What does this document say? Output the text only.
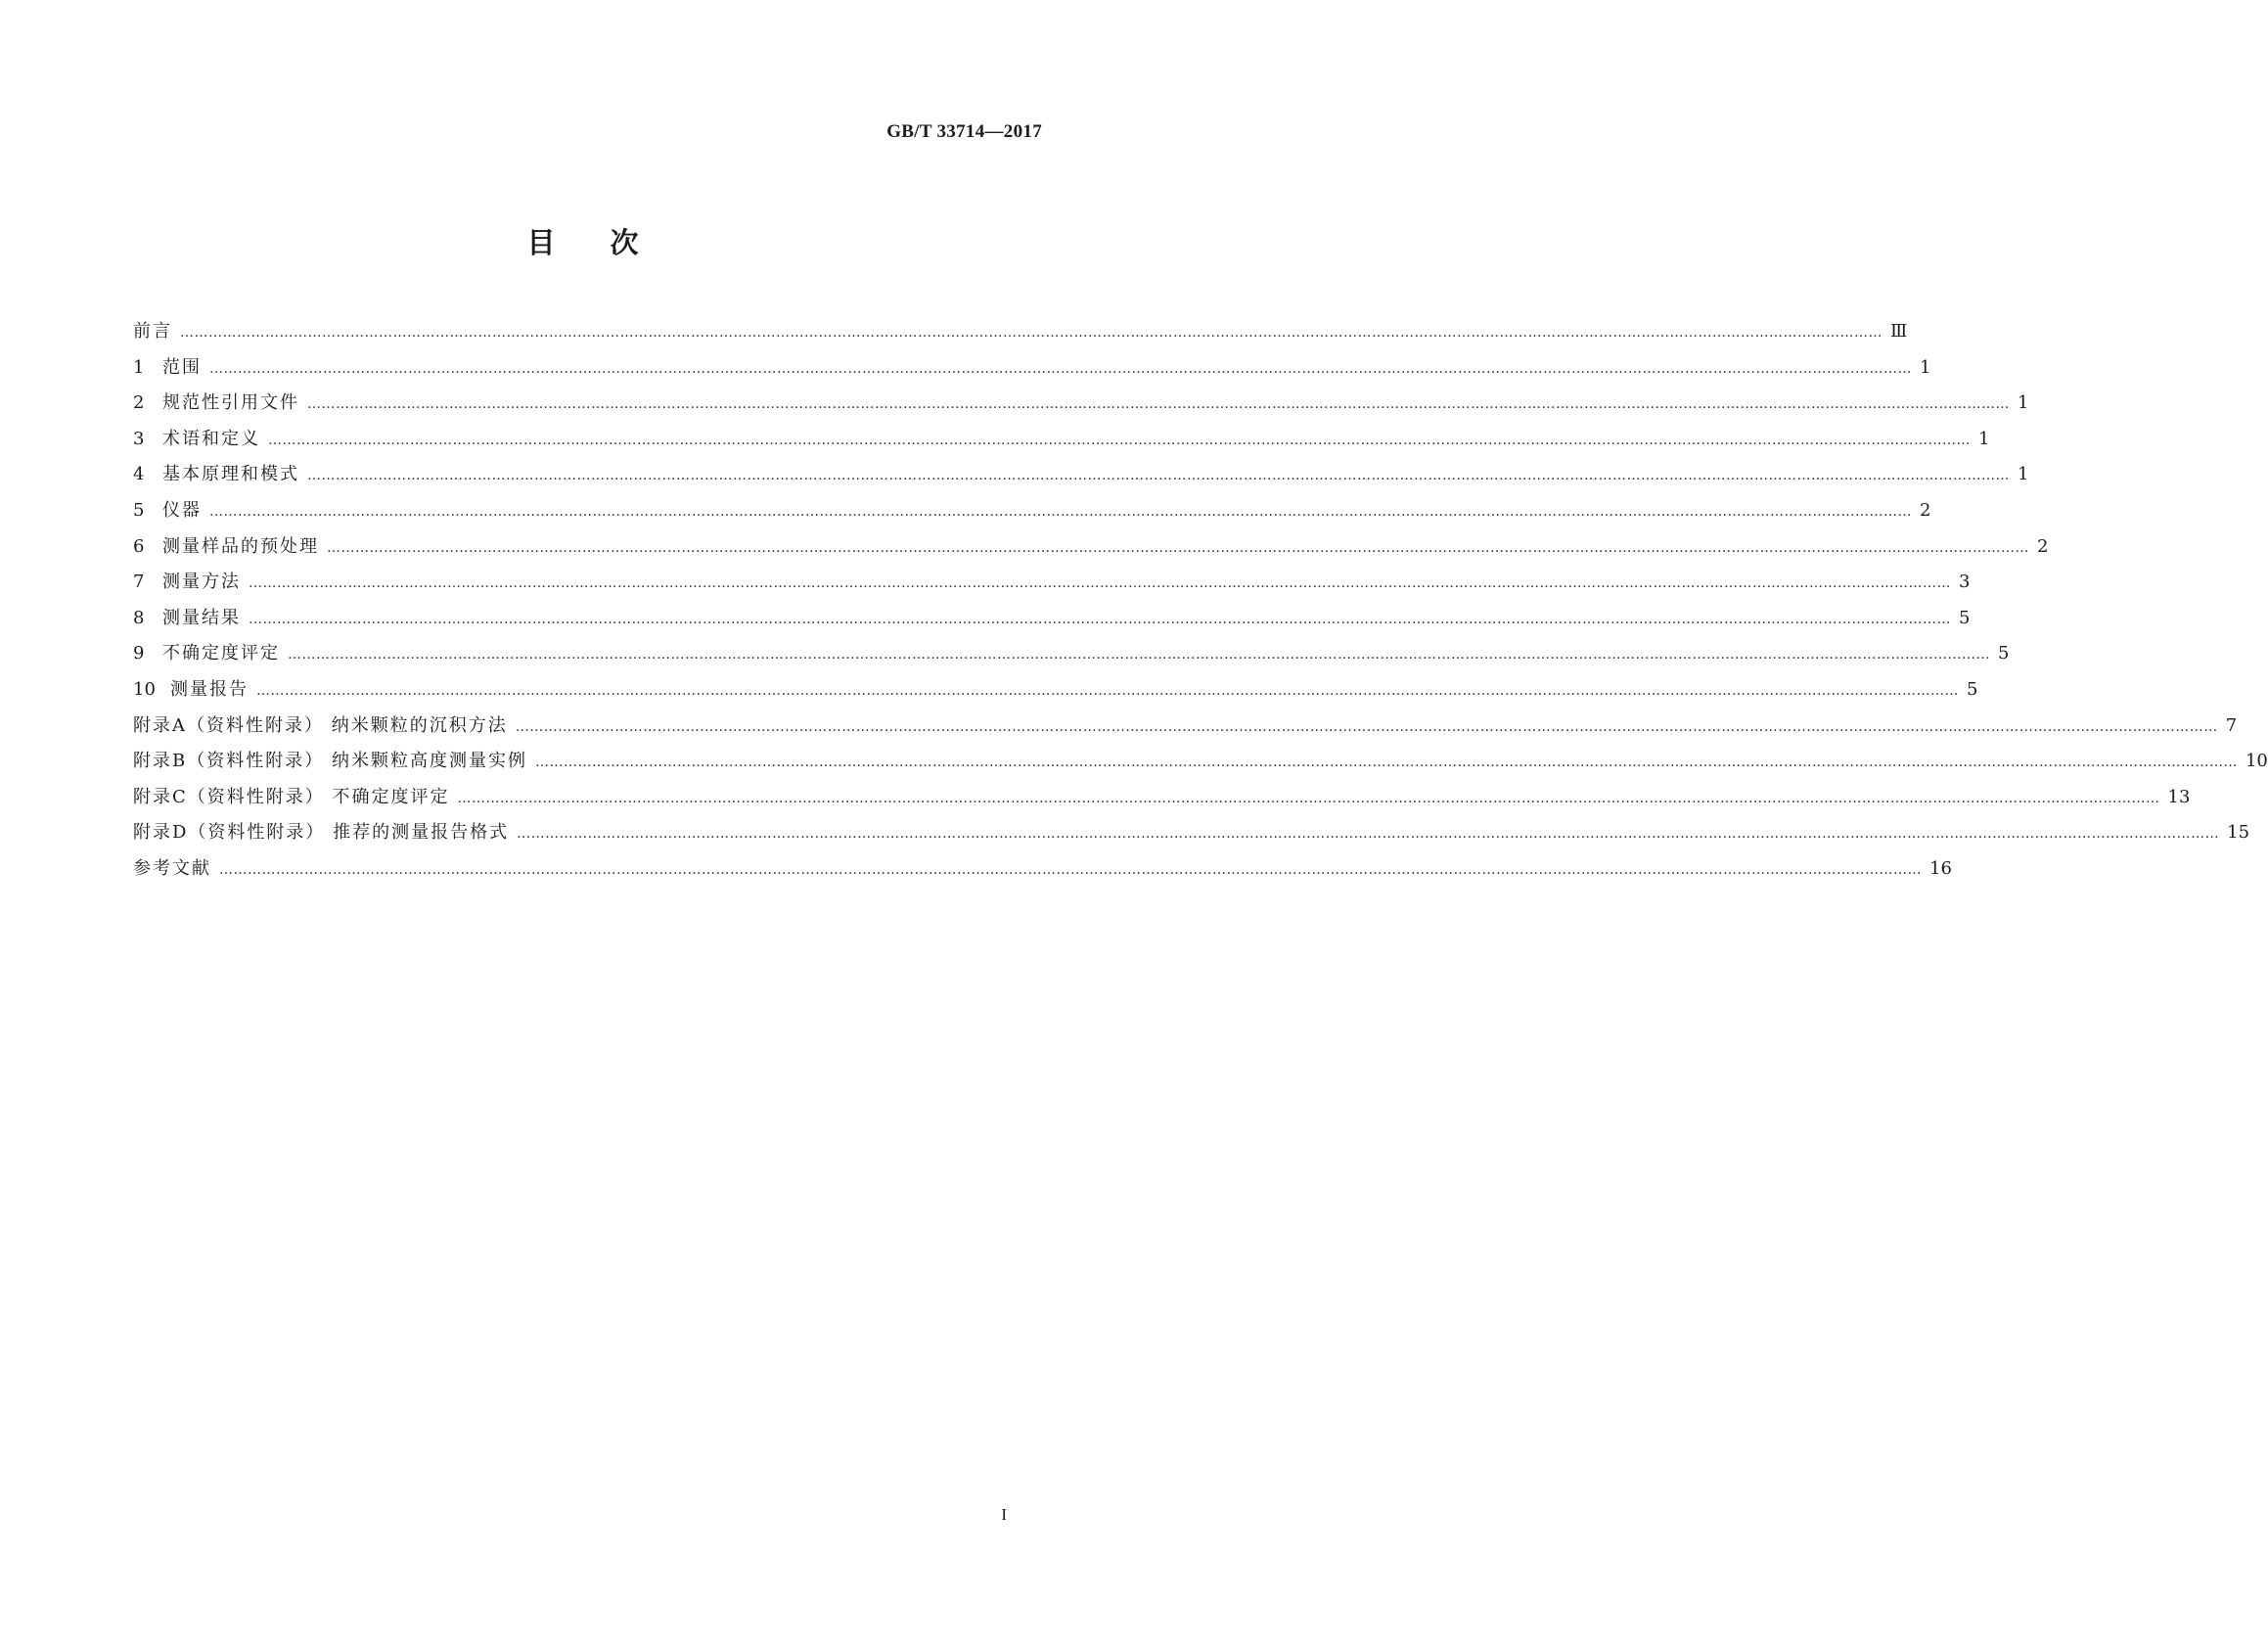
GB/T 33714—2017
目次
前言 ……………………………………………………………………………………………………………………………………………………………………………………………………………………………………………………………………………………………………………………………… Ⅲ
1	范围 ……………………………………………………………………………………………………………………………………………………………………………………………………………………………………………………………………………………………………………………………… 1
2	规范性引用文件 ……………………………………………………………………………………………………………………………………………………………………………………………………………………………………………………………………………………………………………………………… 1
3	术语和定义 ……………………………………………………………………………………………………………………………………………………………………………………………………………………………………………………………………………………………………………………………… 1
4	基本原理和模式 ……………………………………………………………………………………………………………………………………………………………………………………………………………………………………………………………………………………………………………………………… 1
5	仪器 ……………………………………………………………………………………………………………………………………………………………………………………………………………………………………………………………………………………………………………………………… 2
6	测量样品的预处理 ……………………………………………………………………………………………………………………………………………………………………………………………………………………………………………………………………………………………………………………………… 2
7	测量方法 ……………………………………………………………………………………………………………………………………………………………………………………………………………………………………………………………………………………………………………………………… 3
8	测量结果 ……………………………………………………………………………………………………………………………………………………………………………………………………………………………………………………………………………………………………………………………… 5
9	不确定度评定 ……………………………………………………………………………………………………………………………………………………………………………………………………………………………………………………………………………………………………………………………… 5
10 测量报告 ……………………………………………………………………………………………………………………………………………………………………………………………………………………………………………………………………………………………………………………………… 5
附录A（资料性附录） 纳米颗粒的沉积方法 ……………………………………………………………………………………………………………………………………………………………………………………………………………………………………………………………………………………………………………………………… 7
附录B（资料性附录） 纳米颗粒高度测量实例 ……………………………………………………………………………………………………………………………………………………………………………………………………………………………………………………………………………………………………………………………… 10
附录C（资料性附录） 不确定度评定 ……………………………………………………………………………………………………………………………………………………………………………………………………………………………………………………………………………………………………………………………… 13
附录D（资料性附录） 推荐的测量报告格式 ……………………………………………………………………………………………………………………………………………………………………………………………………………………………………………………………………………………………………………………………… 15
参考文献 ……………………………………………………………………………………………………………………………………………………………………………………………………………………………………………………………………………………………………………………………… 16
I
